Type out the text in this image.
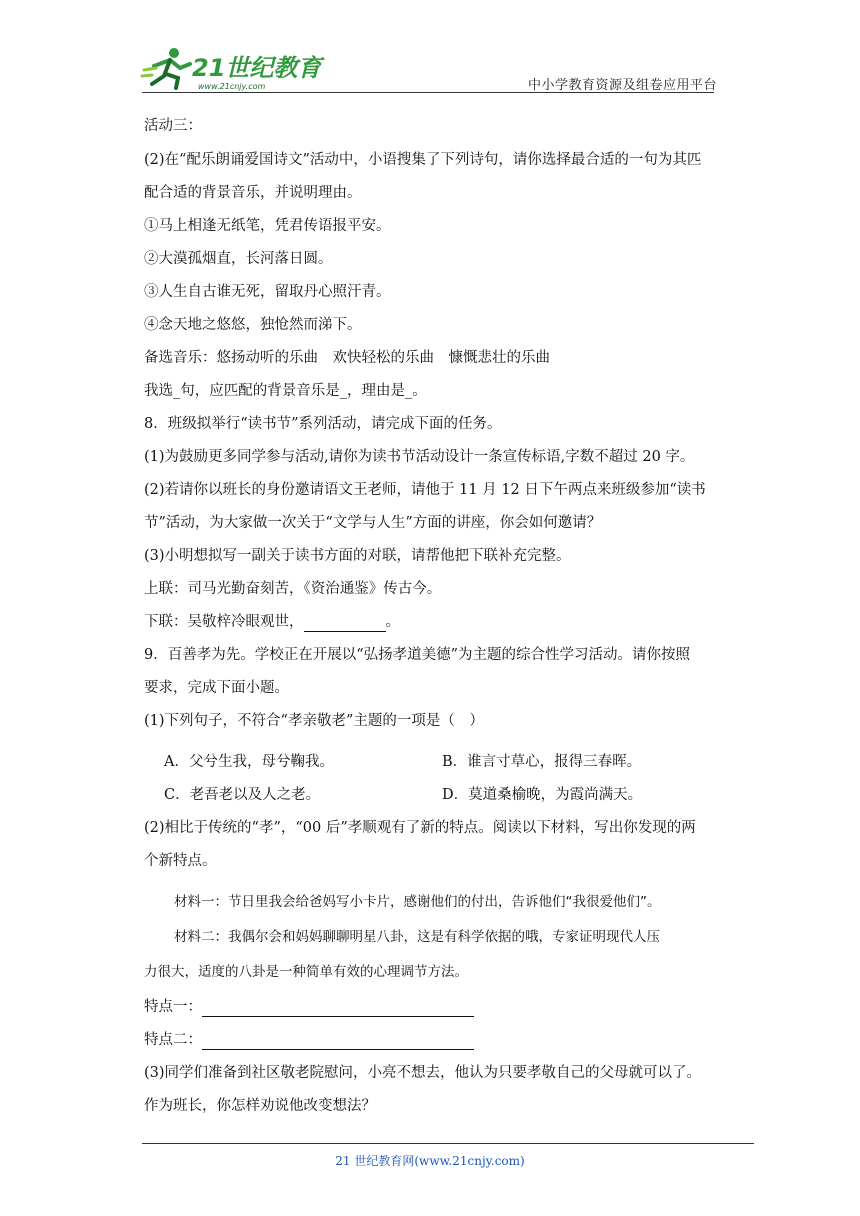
21世纪教育
www.21cnjy.com	中小学教育资源及组卷应用平台
活动三：
(2)在“配乐朗诵爱国诗文”活动中，小语搜集了下列诗句，请你选择最合适的一句为其匹
配合适的背景音乐，并说明理由。
①马上相逢无纸笔，凭君传语报平安。
②大漠孤烟直，长河落日圆。
③人生自古谁无死，留取丹心照汗青。
④念天地之悠悠，独怆然而涕下。
备选音乐：悠扬动听的乐曲　欢快轻松的乐曲　慷慨悲壮的乐曲
我选_句，应匹配的背景音乐是_，理由是_。
8．班级拟举行“读书节”系列活动，请完成下面的任务。
(1)为鼓励更多同学参与活动,请你为读书节活动设计一条宣传标语,字数不超过 20 字。
(2)若请你以班长的身份邀请语文王老师，请他于 11 月 12 日下午两点来班级参加“读书
节”活动，为大家做一次关于“文学与人生”方面的讲座，你会如何邀请？
(3)小明想拟写一副关于读书方面的对联，请帮他把下联补充完整。
上联：司马光勤奋刻苦，《资治通鉴》传古今。
下联：吴敬梓冷眼观世，	。
9．百善孝为先。学校正在开展以“弘扬孝道美德”为主题的综合性学习活动。请你按照
要求，完成下面小题。
(1)下列句子，不符合“孝亲敬老”主题的一项是（　）
A．父兮生我，母兮鞠我。	B．谁言寸草心，报得三春晖。
C．老吾老以及人之老。	D．莫道桑榆晚，为霞尚满天。
(2)相比于传统的“孝”，“00 后”孝顺观有了新的特点。阅读以下材料，写出你发现的两
个新特点。
材料一：节日里我会给爸妈写小卡片，感谢他们的付出，告诉他们“我很爱他们”。
材料二：我偶尔会和妈妈聊聊明星八卦，这是有科学依据的哦，专家证明现代人压
力很大，适度的八卦是一种简单有效的心理调节方法。
特点一：
特点二：
(3)同学们准备到社区敬老院慰问，小亮不想去，他认为只要孝敬自己的父母就可以了。
作为班长，你怎样劝说他改变想法？
21 世纪教育网(www.21cnjy.com)
